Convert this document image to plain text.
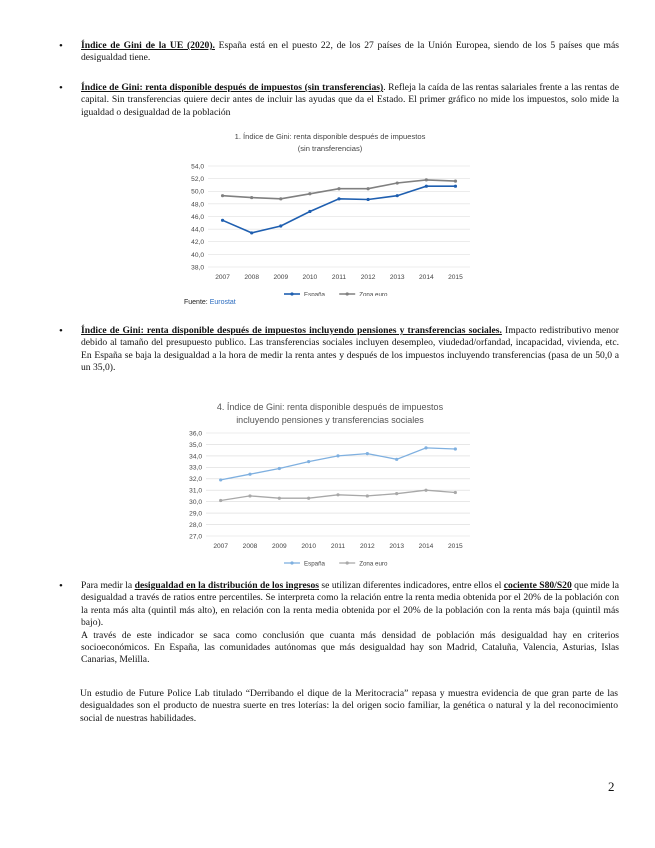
• Índice de Gini de la UE (2020). España está en el puesto 22, de los 27 países de la Unión Europea, siendo de los 5 países que más desigualdad tiene.
• Índice de Gini: renta disponible después de impuestos (sin transferencias). Refleja la caída de las rentas salariales frente a las rentas de capital. Sin transferencias quiere decir antes de incluir las ayudas que da el Estado. El primer gráfico no mide los impuestos, solo mide la igualdad o desigualdad de la población
1. Índice de Gini: renta disponible después de impuestos
(sin transferencias)
38,0
40,0
42,0
44,0
46,0
48,0
50,0
52,0
54,0
2007 2008 2009 2010 2011 2012 2013 2014 2015
España	Zona euro
Fuente: Eurostat
• Índice de Gini: renta disponible después de impuestos incluyendo pensiones y transferencias sociales. Impacto redistributivo menor debido al tamaño del presupuesto publico. Las transferencias sociales incluyen desempleo, viudedad/orfandad, incapacidad, vivienda, etc. En España se baja la desigualdad a la hora de medir la renta antes y después de los impuestos incluyendo transferencias (pasa de un 50,0 a un 35,0).
4. Índice de Gini: renta disponible después de impuestos
incluyendo pensiones y transferencias sociales
27,0
28,0
29,0
30,0
31,0
32,0
33,0
34,0
35,0
36,0
2007 2008 2009 2010 2011 2012 2013 2014 2015
España	Zona euro
• Para medir la desigualdad en la distribución de los ingresos se utilizan diferentes indicadores, entre ellos el cociente S80/S20 que mide la desigualdad a través de ratios entre percentiles. Se interpreta como la relación entre la renta media obtenida por el 20% de la población con la renta más alta (quintil más alto), en relación con la renta media obtenida por el 20% de la población con la renta más baja (quintil más bajo).
A través de este indicador se saca como conclusión que cuanta más densidad de población más desigualdad hay en criterios socioeconómicos. En España, las comunidades autónomas que más desigualdad hay son Madrid, Cataluña, Valencia, Asturias, Islas Canarias, Melilla.
Un estudio de Future Police Lab titulado “Derribando el dique de la Meritocracia” repasa y muestra evidencia de que gran parte de las desigualdades son el producto de nuestra suerte en tres loterías: la del origen socio familiar, la genética o natural y la del reconocimiento social de nuestras habilidades.
2
